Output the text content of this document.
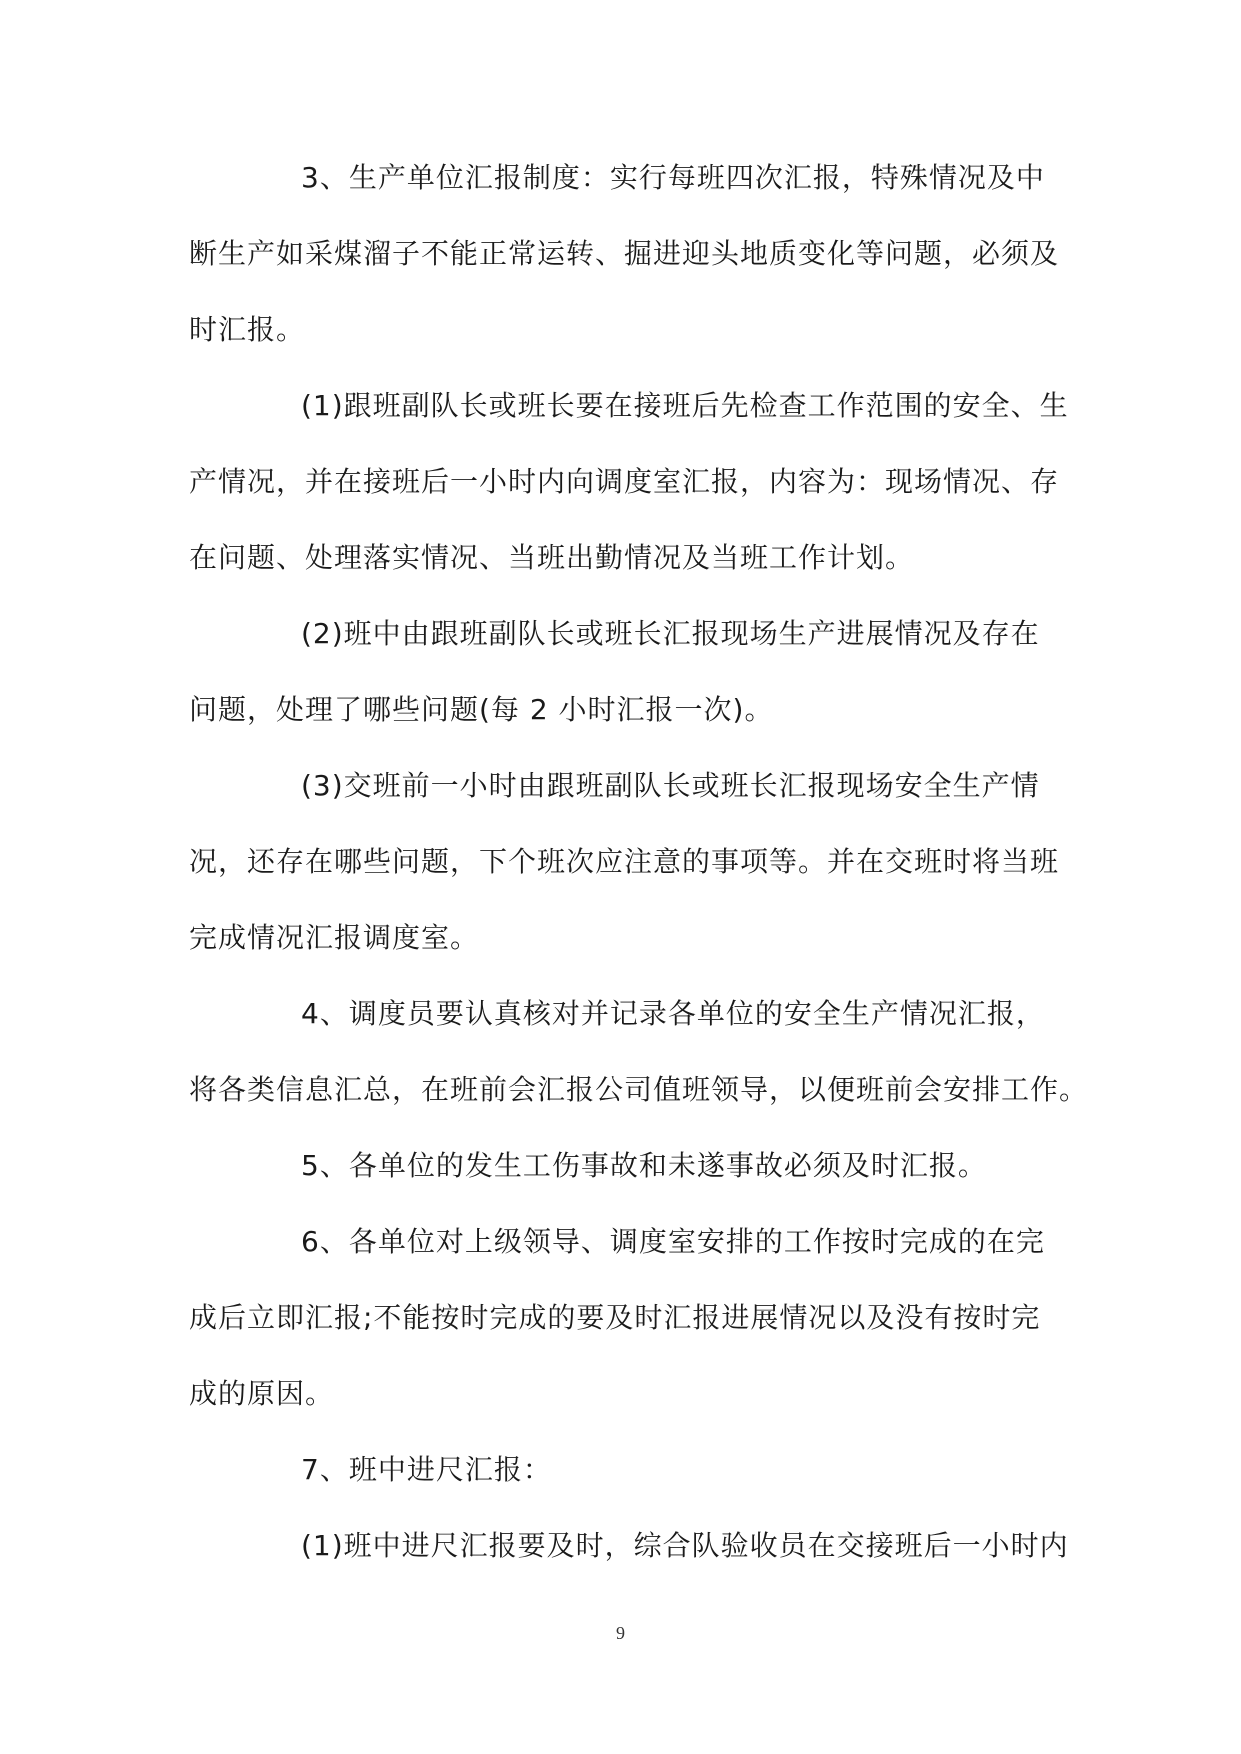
3、生产单位汇报制度：实行每班四次汇报，特殊情况及中
断生产如采煤溜子不能正常运转、掘进迎头地质变化等问题，必须及
时汇报。

(1)跟班副队长或班长要在接班后先检查工作范围的安全、生
产情况，并在接班后一小时内向调度室汇报，内容为：现场情况、存
在问题、处理落实情况、当班出勤情况及当班工作计划。

(2)班中由跟班副队长或班长汇报现场生产进展情况及存在
问题，处理了哪些问题(每 2 小时汇报一次)。

(3)交班前一小时由跟班副队长或班长汇报现场安全生产情
况，还存在哪些问题，下个班次应注意的事项等。并在交班时将当班
完成情况汇报调度室。

4、调度员要认真核对并记录各单位的安全生产情况汇报，
将各类信息汇总，在班前会汇报公司值班领导，以便班前会安排工作。

5、各单位的发生工伤事故和未遂事故必须及时汇报。

6、各单位对上级领导、调度室安排的工作按时完成的在完
成后立即汇报;不能按时完成的要及时汇报进展情况以及没有按时完
成的原因。

7、班中进尺汇报：

(1)班中进尺汇报要及时，综合队验收员在交接班后一小时内

9
